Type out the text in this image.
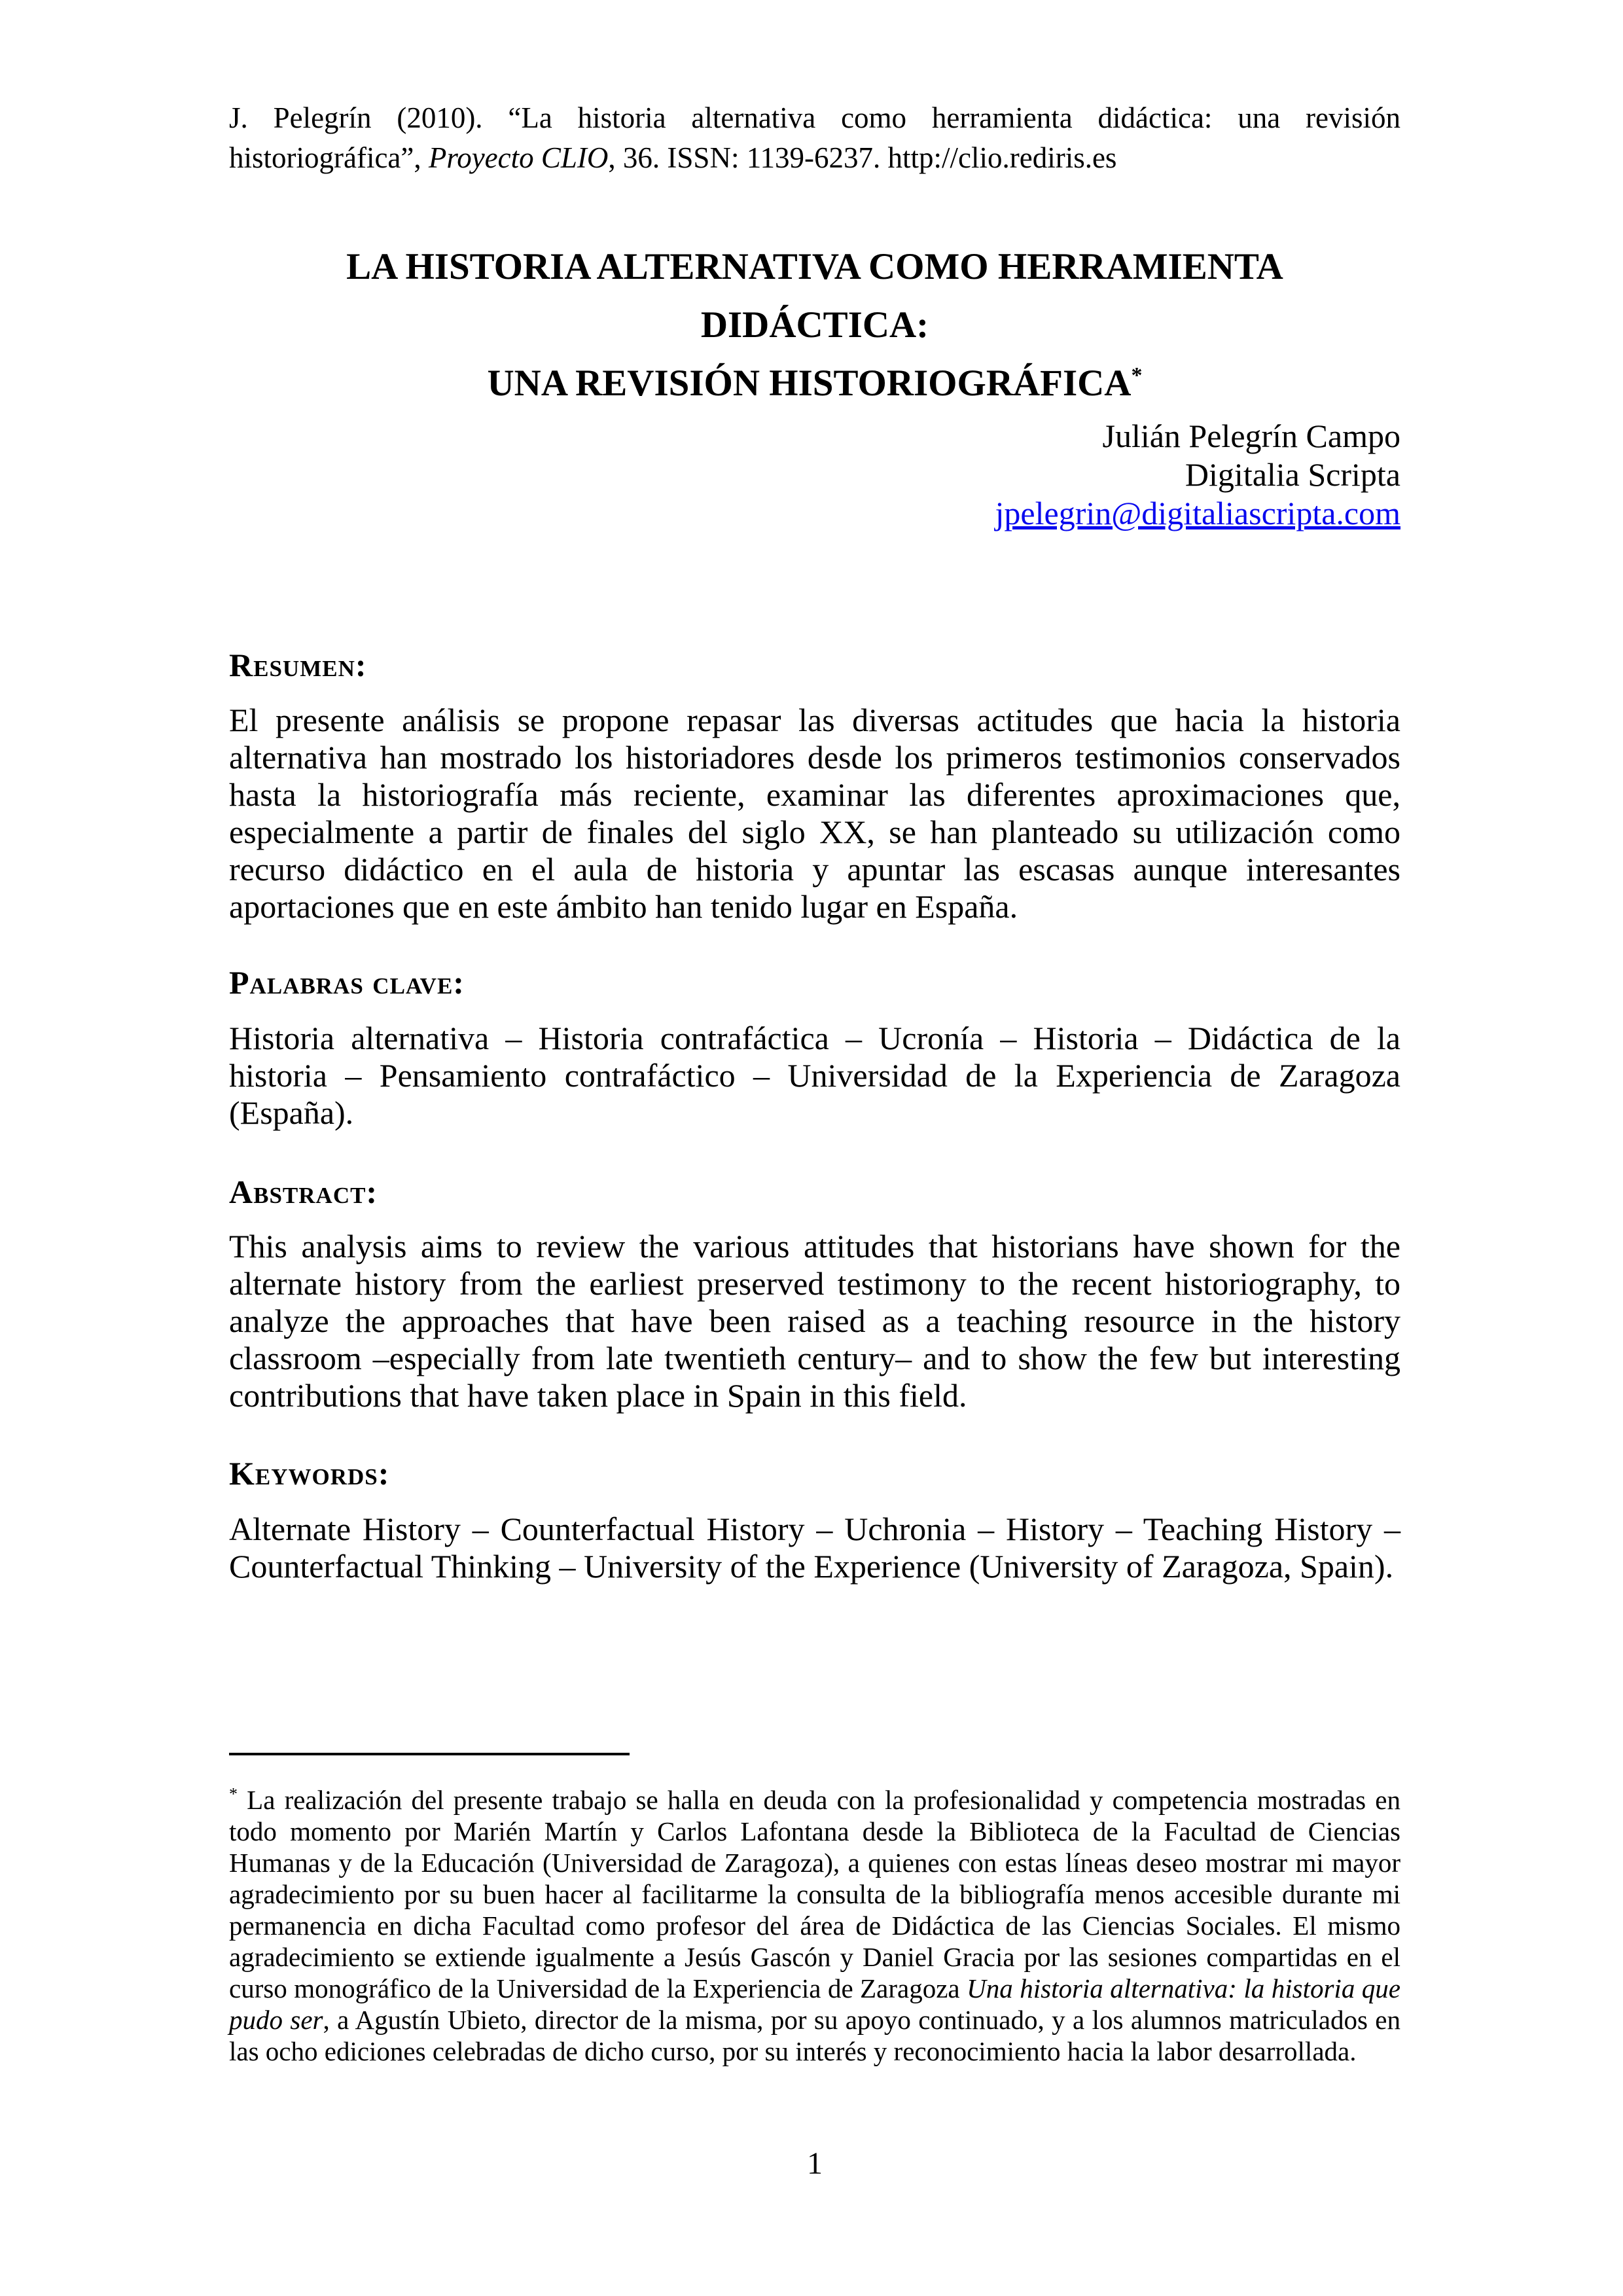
J. Pelegrín (2010). “La historia alternativa como herramienta didáctica: una revisión historiográfica”, Proyecto CLIO, 36. ISSN: 1139-6237. http://clio.rediris.es

LA HISTORIA ALTERNATIVA COMO HERRAMIENTA DIDÁCTICA:
UNA REVISIÓN HISTORIOGRÁFICA*
Julián Pelegrín Campo
Digitalia Scripta
jpelegrin@digitaliascripta.com
Resumen:

El presente análisis se propone repasar las diversas actitudes que hacia la historia alternativa han mostrado los historiadores desde los primeros testimonios conservados hasta la historiografía más reciente, examinar las diferentes aproximaciones que, especialmente a partir de finales del siglo XX, se han planteado su utilización como recurso didáctico en el aula de historia y apuntar las escasas aunque interesantes aportaciones que en este ámbito han tenido lugar en España.

Palabras clave:

Historia alternativa – Historia contrafáctica – Ucronía – Historia – Didáctica de la historia – Pensamiento contrafáctico – Universidad de la Experiencia de Zaragoza (España).

Abstract:

This analysis aims to review the various attitudes that historians have shown for the alternate history from the earliest preserved testimony to the recent historiography, to analyze the approaches that have been raised as a teaching resource in the history classroom –especially from late twentieth century– and to show the few but interesting contributions that have taken place in Spain in this field.

Keywords:

Alternate History – Counterfactual History – Uchronia – History – Teaching History – Counterfactual Thinking – University of the Experience (University of Zaragoza, Spain).

* La realización del presente trabajo se halla en deuda con la profesionalidad y competencia mostradas en todo momento por Marién Martín y Carlos Lafontana desde la Biblioteca de la Facultad de Ciencias Humanas y de la Educación (Universidad de Zaragoza), a quienes con estas líneas deseo mostrar mi mayor agradecimiento por su buen hacer al facilitarme la consulta de la bibliografía menos accesible durante mi permanencia en dicha Facultad como profesor del área de Didáctica de las Ciencias Sociales. El mismo agradecimiento se extiende igualmente a Jesús Gascón y Daniel Gracia por las sesiones compartidas en el curso monográfico de la Universidad de la Experiencia de Zaragoza Una historia alternativa: la historia que pudo ser, a Agustín Ubieto, director de la misma, por su apoyo continuado, y a los alumnos matriculados en las ocho ediciones celebradas de dicho curso, por su interés y reconocimiento hacia la labor desarrollada.

1
